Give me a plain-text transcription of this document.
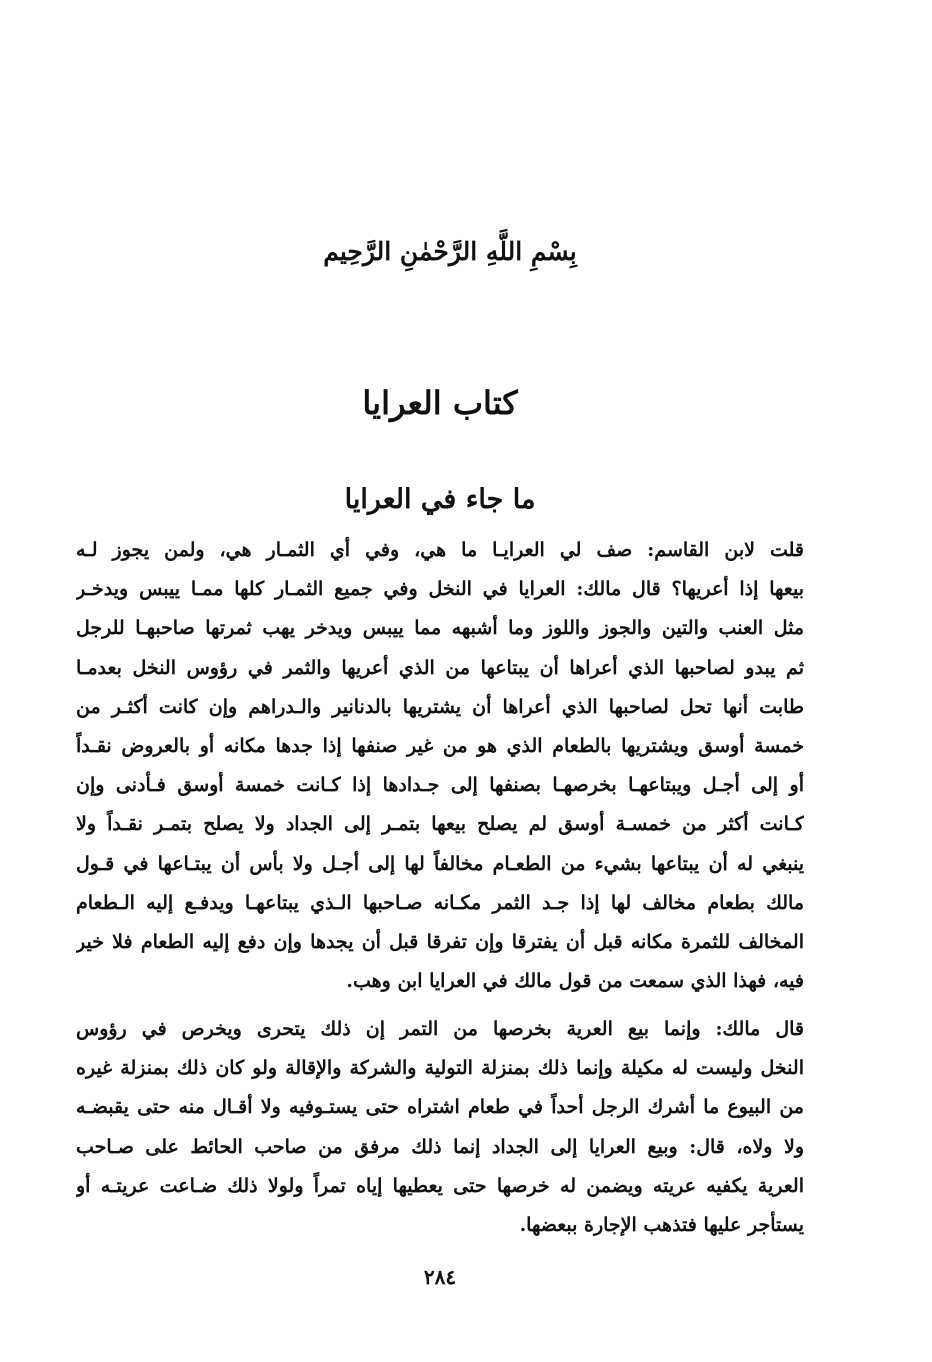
بِسْمِ اللَّهِ الرَّحْمٰنِ الرَّحِيم
كتاب العرايا
ما جاء في العرايا
قلت لابن القاسم: صف لي العرايـا ما هي، وفي أي الثمـار هي، ولمن يجوز لـه
بيعها إذا أعريها؟ قال مالك: العرايا في النخل وفي جميع الثمـار كلها ممـا ييبس ويدخـر
مثل العنب والتين والجوز واللوز وما أشبهه مما ييبس ويدخر يهب ثمرتها صاحبهـا للرجل
ثم يبدو لصاحبها الذي أعراها أن يبتاعها من الذي أعريها والثمر في رؤوس النخل بعدمـا
طابت أنها تحل لصاحبها الذي أعراها أن يشتريها بالدنانير والـدراهم وإن كانت أكثـر من
خمسة أوسق ويشتريها بالطعام الذي هو من غير صنفها إذا جدها مكانه أو بالعروض نقـداً
أو إلى أجـل ويبتاعهـا بخرصهـا بصنفها إلى جـدادها إذا كـانت خمسة أوسق فـأدنى وإن
كـانت أكثر من خمسـة أوسق لم يصلح بيعها بتمـر إلى الجداد ولا يصلح بتمـر نقـداً ولا
ينبغي له أن يبتاعها بشيء من الطعـام مخالفاً لها إلى أجـل ولا بأس أن يبتـاعها في قـول
مالك بطعام مخالف لها إذا جـد الثمر مكـانه صـاحبها الـذي يبتاعهـا ويدفـع إليه الـطعام
المخالف للثمرة مكانه قبل أن يفترقا وإن تفرقا قبل أن يجدها وإن دفع إليه الطعام فلا خير
فيه، فهذا الذي سمعت من قول مالك في العرايا ابن وهب.
قال مالك: وإنما بيع العرية بخرصها من التمر إن ذلك يتحرى ويخرص في رؤوس
النخل وليست له مكيلة وإنما ذلك بمنزلة التولية والشركة والإقالة ولو كان ذلك بمنزلة غيره
من البيوع ما أشرك الرجل أحداً في طعام اشتراه حتى يستـوفيه ولا أقـال منه حتى يقبضـه
ولا ولاه، قال: وبيع العرايا إلى الجداد إنما ذلك مرفق من صاحب الحائط على صـاحب
العرية يكفيه عريته ويضمن له خرصها حتى يعطيها إياه تمراً ولولا ذلك ضـاعت عريتـه أو
يستأجر عليها فتذهب الإجارة ببعضها.
٢٨٤
